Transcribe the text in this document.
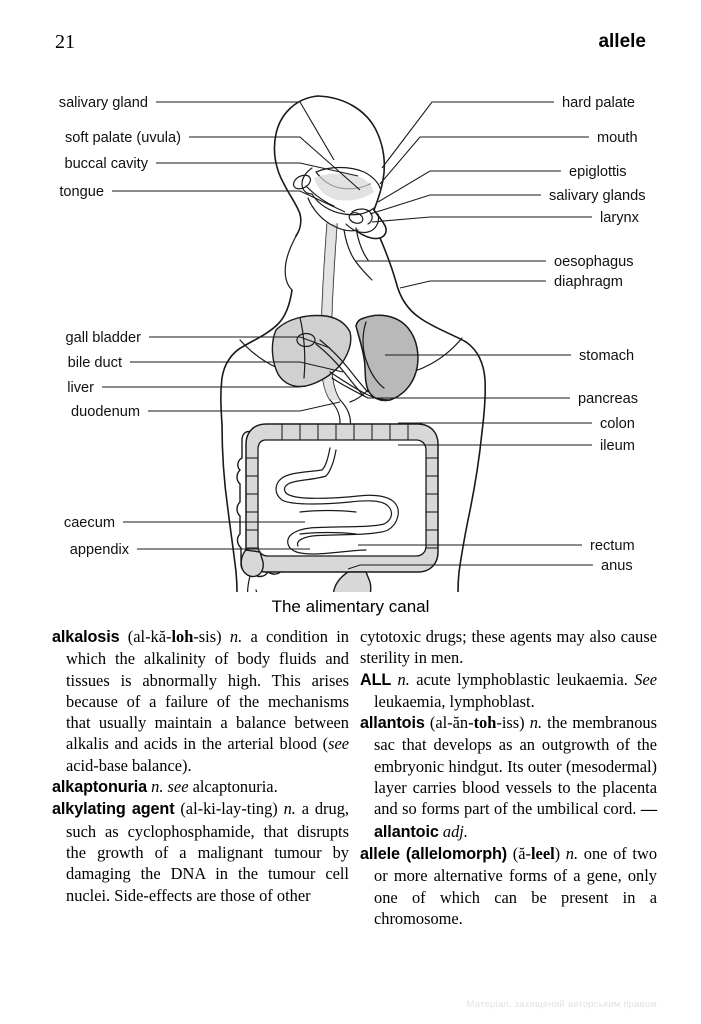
21	allele
salivary gland
soft palate (uvula)
buccal cavity
tongue
gall bladder
bile duct
liver
duodenum
caecum
appendix
hard palate
mouth
epiglottis
salivary glands
larynx
oesophagus
diaphragm
stomach
pancreas
colon
ileum
rectum
anus
The alimentary canal

alkalosis (al-kă-loh-sis) n. a condition in which the alkalinity of body fluids and tissues is abnormally high. This arises because of a failure of the mechanisms that usually maintain a balance between alkalis and acids in the arterial blood (see acid-base balance).

alkaptonuria n. see alcaptonuria.

alkylating agent (al-ki-lay-ting) n. a drug, such as cyclophosphamide, that disrupts the growth of a malignant tumour by damaging the DNA in the tumour cell nuclei. Side-effects are those of other

cytotoxic drugs; these agents may also cause sterility in men.

ALL n. acute lymphoblastic leukaemia. See leukaemia, lymphoblast.

allantois (al-ăn-toh-iss) n. the membranous sac that develops as an outgrowth of the embryonic hindgut. Its outer (mesodermal) layer carries blood vessels to the placenta and so forms part of the umbilical cord. —allantoic adj.

allele (allelomorph) (ă-leel) n. one of two or more alternative forms of a gene, only one of which can be present in a chromosome.

Матеріал, захищений авторським правом
